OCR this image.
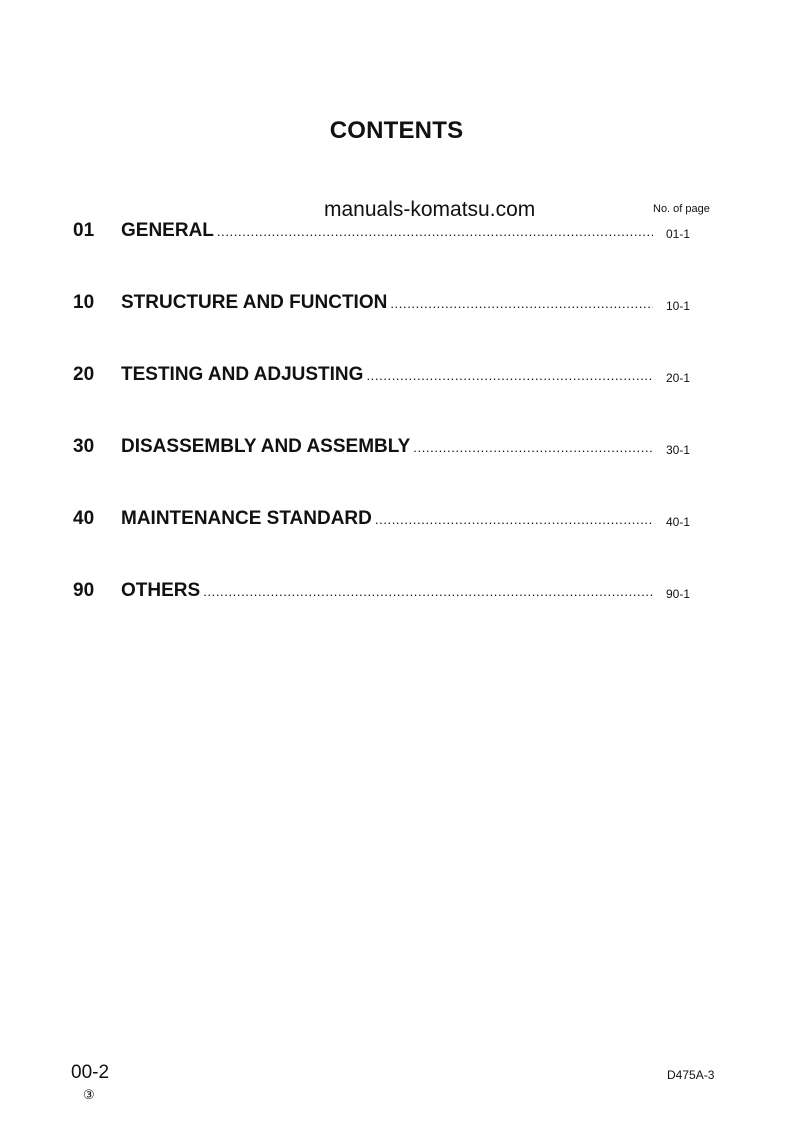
CONTENTS
manuals-komatsu.com	No. of page
01	GENERAL .....	01-1
10	STRUCTURE AND FUNCTION .....	10-1
20	TESTING AND ADJUSTING .....	20-1
30	DISASSEMBLY AND ASSEMBLY .....	30-1
40	MAINTENANCE STANDARD .....	40-1
90	OTHERS .....	90-1
00-2
③
D475A-3
